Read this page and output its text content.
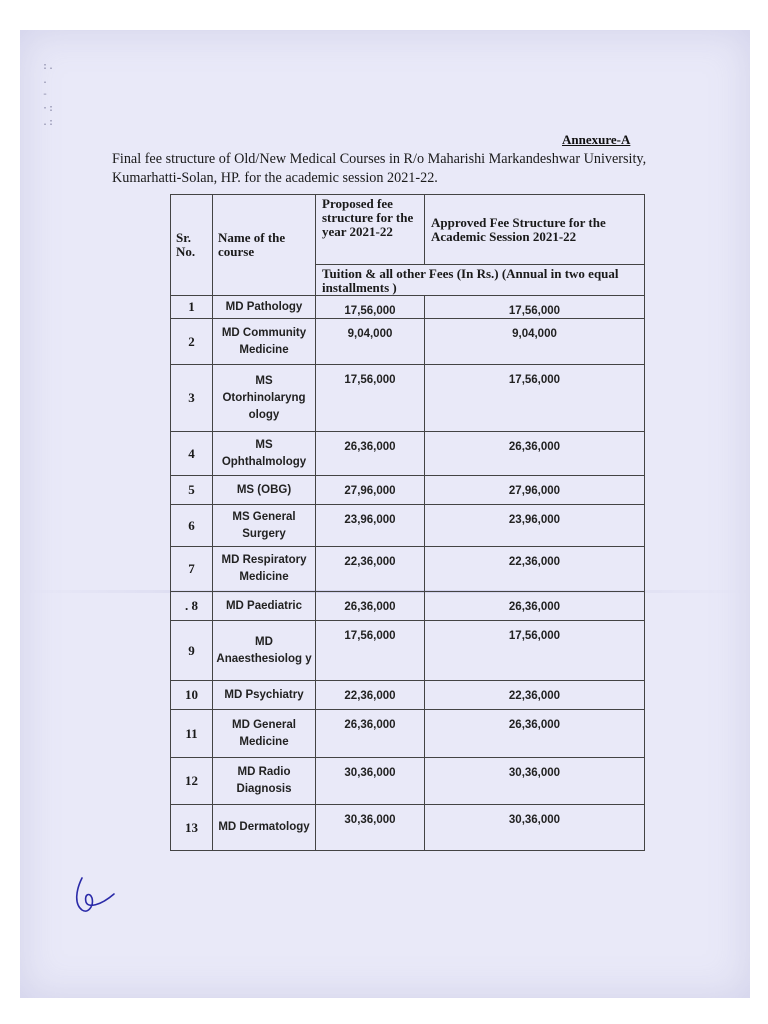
:.
.
-
·:
.:
Annexure-A
Final fee structure of Old/New Medical Courses in R/o Maharishi Markandeshwar University, Kumarhatti-Solan, HP. for the academic session 2021-22.
Sr. No.	Name of the course	Proposed fee structure for the year 2021-22	Approved Fee Structure for the Academic Session 2021-22
		Tuition & all other Fees (In Rs.) (Annual in two equal installments )	
1	MD Pathology	17,56,000	17,56,000
2	MD Community Medicine	9,04,000	9,04,000
3	MS Otorhinolaryng ology	17,56,000	17,56,000
4	MS Ophthalmology	26,36,000	26,36,000
5	MS (OBG)	27,96,000	27,96,000
6	MS General Surgery	23,96,000	23,96,000
7	MD Respiratory Medicine	22,36,000	22,36,000
. 8	MD Paediatric	26,36,000	26,36,000
9	MD Anaesthesiolog y	17,56,000	17,56,000
10	MD Psychiatry	22,36,000	22,36,000
11	MD General Medicine	26,36,000	26,36,000
12	MD Radio Diagnosis	30,36,000	30,36,000
13	MD Dermatology	30,36,000	30,36,000
